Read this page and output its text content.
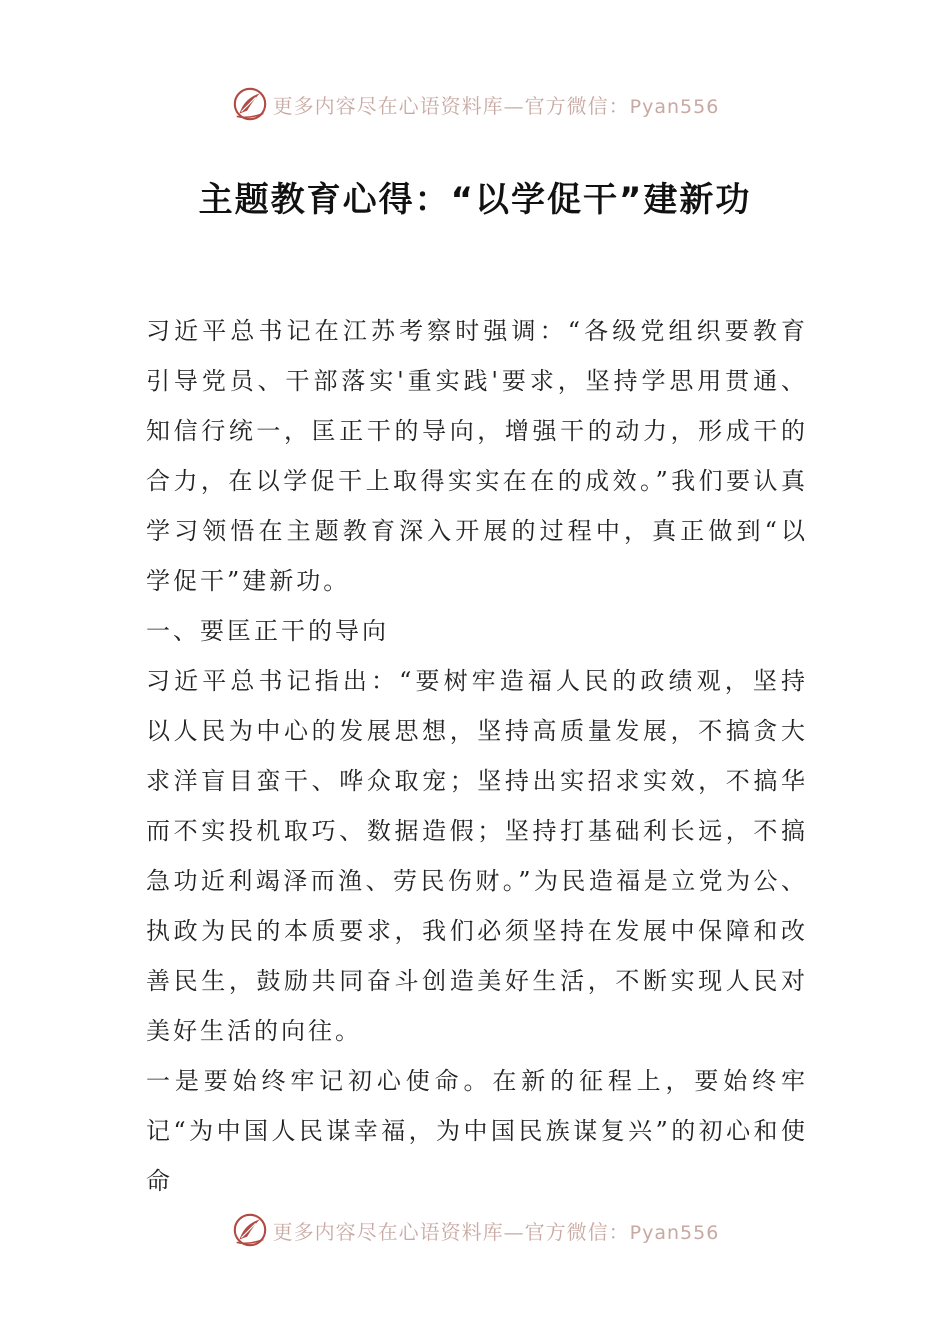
更多内容尽在心语资料库—官方微信：Pyan556
主题教育心得：“以学促干”建新功

习近平总书记在江苏考察时强调：“各级党组织要教育引导党员、干部落实'重实践'要求，坚持学思用贯通、知信行统一，匡正干的导向，增强干的动力，形成干的合力，在以学促干上取得实实在在的成效。”我们要认真学习领悟在主题教育深入开展的过程中，真正做到“以学促干”建新功。

一、要匡正干的导向

习近平总书记指出：“要树牢造福人民的政绩观，坚持以人民为中心的发展思想，坚持高质量发展，不搞贪大求洋盲目蛮干、哗众取宠；坚持出实招求实效，不搞华而不实投机取巧、数据造假；坚持打基础利长远，不搞急功近利竭泽而渔、劳民伤财。”为民造福是立党为公、执政为民的本质要求，我们必须坚持在发展中保障和改善民生，鼓励共同奋斗创造美好生活，不断实现人民对美好生活的向往。

一是要始终牢记初心使命。在新的征程上，要始终牢记“为中国人民谋幸福，为中国民族谋复兴”的初心和使命

更多内容尽在心语资料库—官方微信：Pyan556
